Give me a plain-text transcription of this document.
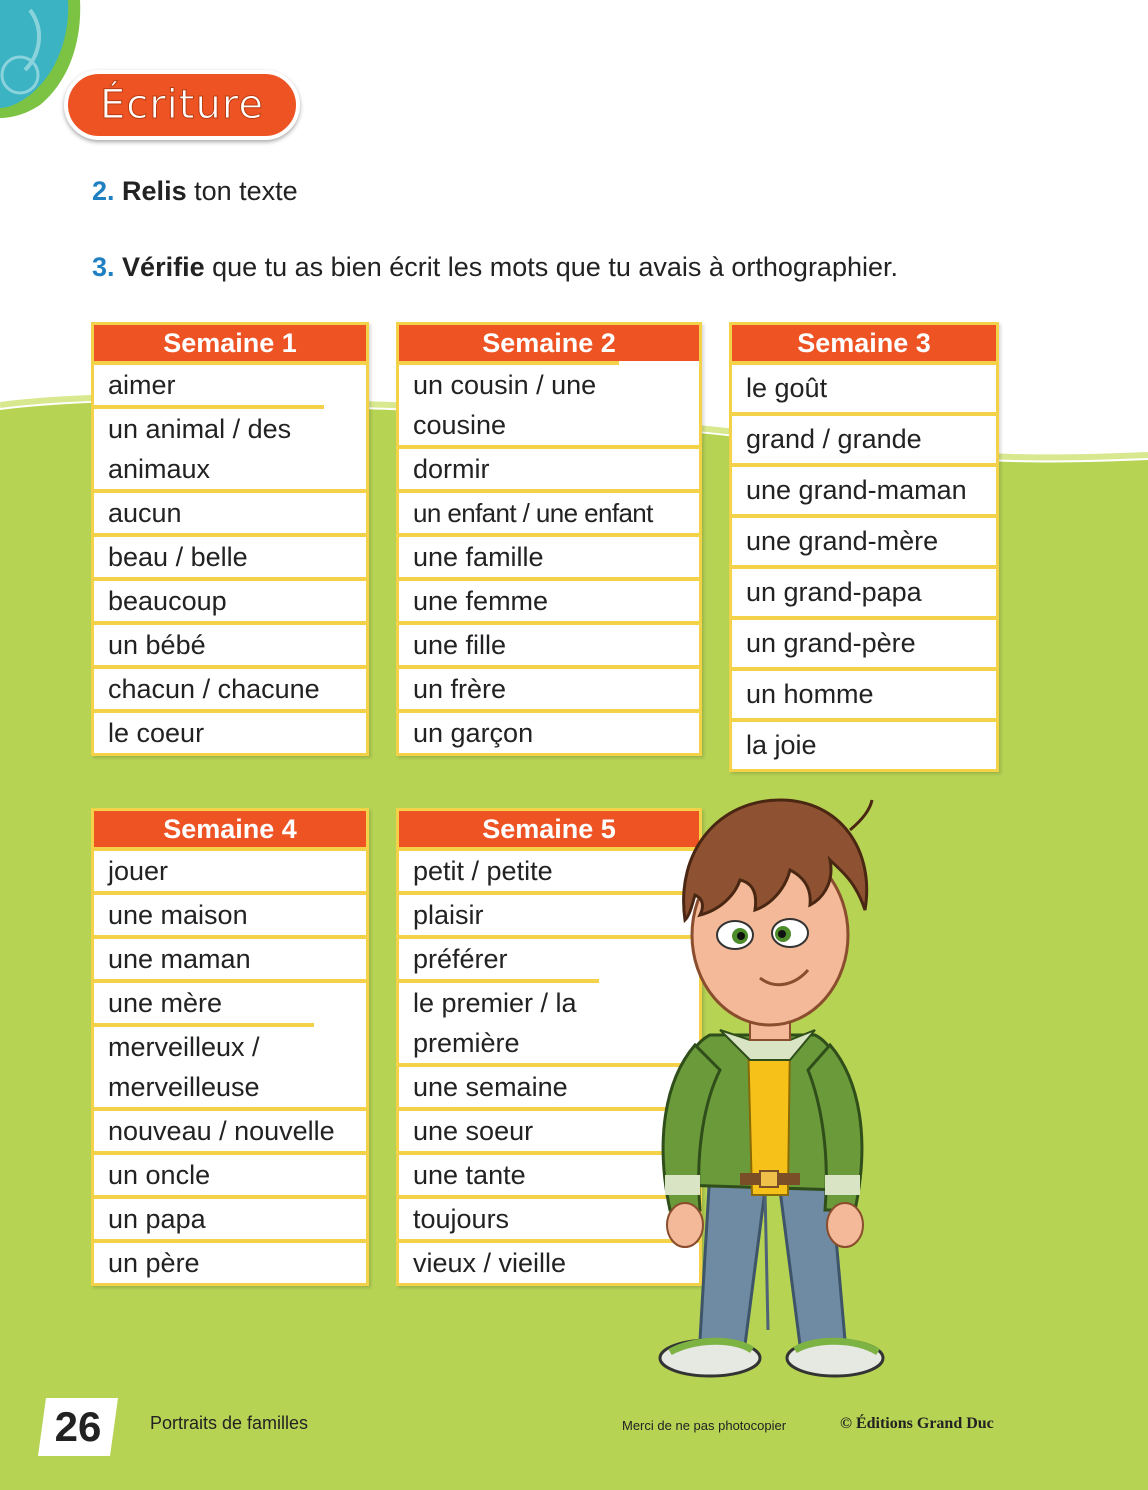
Écriture
2. Relis ton texte
3. Vérifie que tu as bien écrit les mots que tu avais à orthographier.
Semaine 1
aimer
un animal / des animaux
aucun
beau / belle
beaucoup
un bébé
chacun / chacune
le coeur
Semaine 2
un cousin / une cousine
dormir
un enfant / une enfant
une famille
une femme
une fille
un frère
un garçon
Semaine 3
le goût
grand / grande
une grand-maman
une grand-mère
un grand-papa
un grand-père
un homme
la joie
Semaine 4
jouer
une maison
une maman
une mère
merveilleux / merveilleuse
nouveau / nouvelle
un oncle
un papa
un père
Semaine 5
petit / petite
plaisir
préférer
le premier / la première
une semaine
une soeur
une tante
toujours
vieux / vieille
26	Portraits de familles	Merci de ne pas photocopier	© Éditions Grand Duc
